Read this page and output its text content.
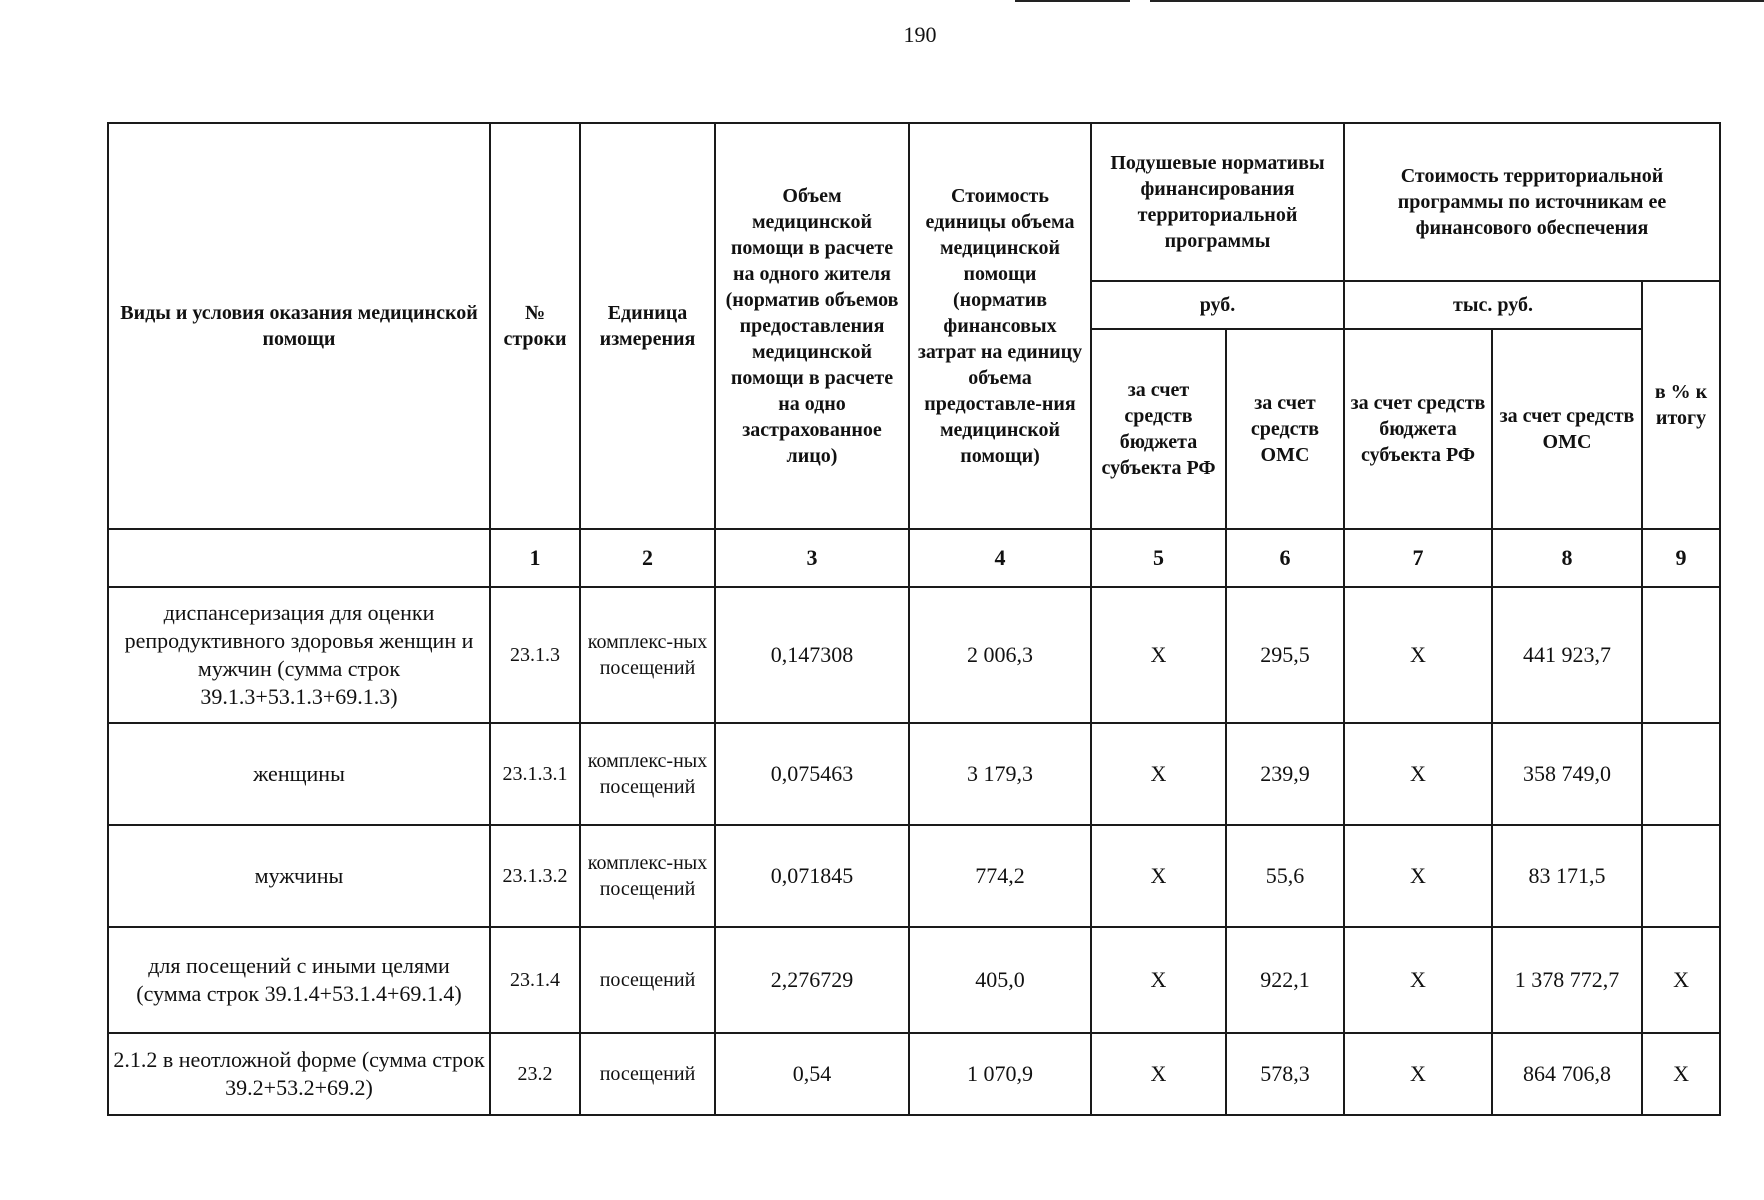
190
Виды и условия оказания медицинской помощи	№ строки	Единица измерения	Объем медицинской помощи в расчете на одного жителя (норматив объемов предоставления медицинской помощи в расчете на одно застрахованное лицо)	Стоимость единицы объема медицинской помощи (норматив финансовых затрат на единицу объема предоставле-ния медицинской помощи)	Подушевые нормативы финансирования территориальной программы		Стоимость территориальной программы по источникам ее финансового обеспечения		
					руб.		тыс. руб.		в % к итогу
					за счет средств бюджета субъекта РФ	за счет средств ОМС	за счет средств бюджета субъекта РФ	за счет средств ОМС	
	1	2	3	4	5	6	7	8	9
диспансеризация для оценки репродуктивного здоровья женщин и мужчин (сумма строк 39.1.3+53.1.3+69.1.3)	23.1.3	комплекс-ных посещений	0,147308	2 006,3	X	295,5	X	441 923,7	
женщины	23.1.3.1	комплекс-ных посещений	0,075463	3 179,3	X	239,9	X	358 749,0	
мужчины	23.1.3.2	комплекс-ных посещений	0,071845	774,2	X	55,6	X	83 171,5	
для посещений с иными целями (сумма строк 39.1.4+53.1.4+69.1.4)	23.1.4	посещений	2,276729	405,0	X	922,1	X	1 378 772,7	X
2.1.2 в неотложной форме (сумма строк 39.2+53.2+69.2)	23.2	посещений	0,54	1 070,9	X	578,3	X	864 706,8	X
